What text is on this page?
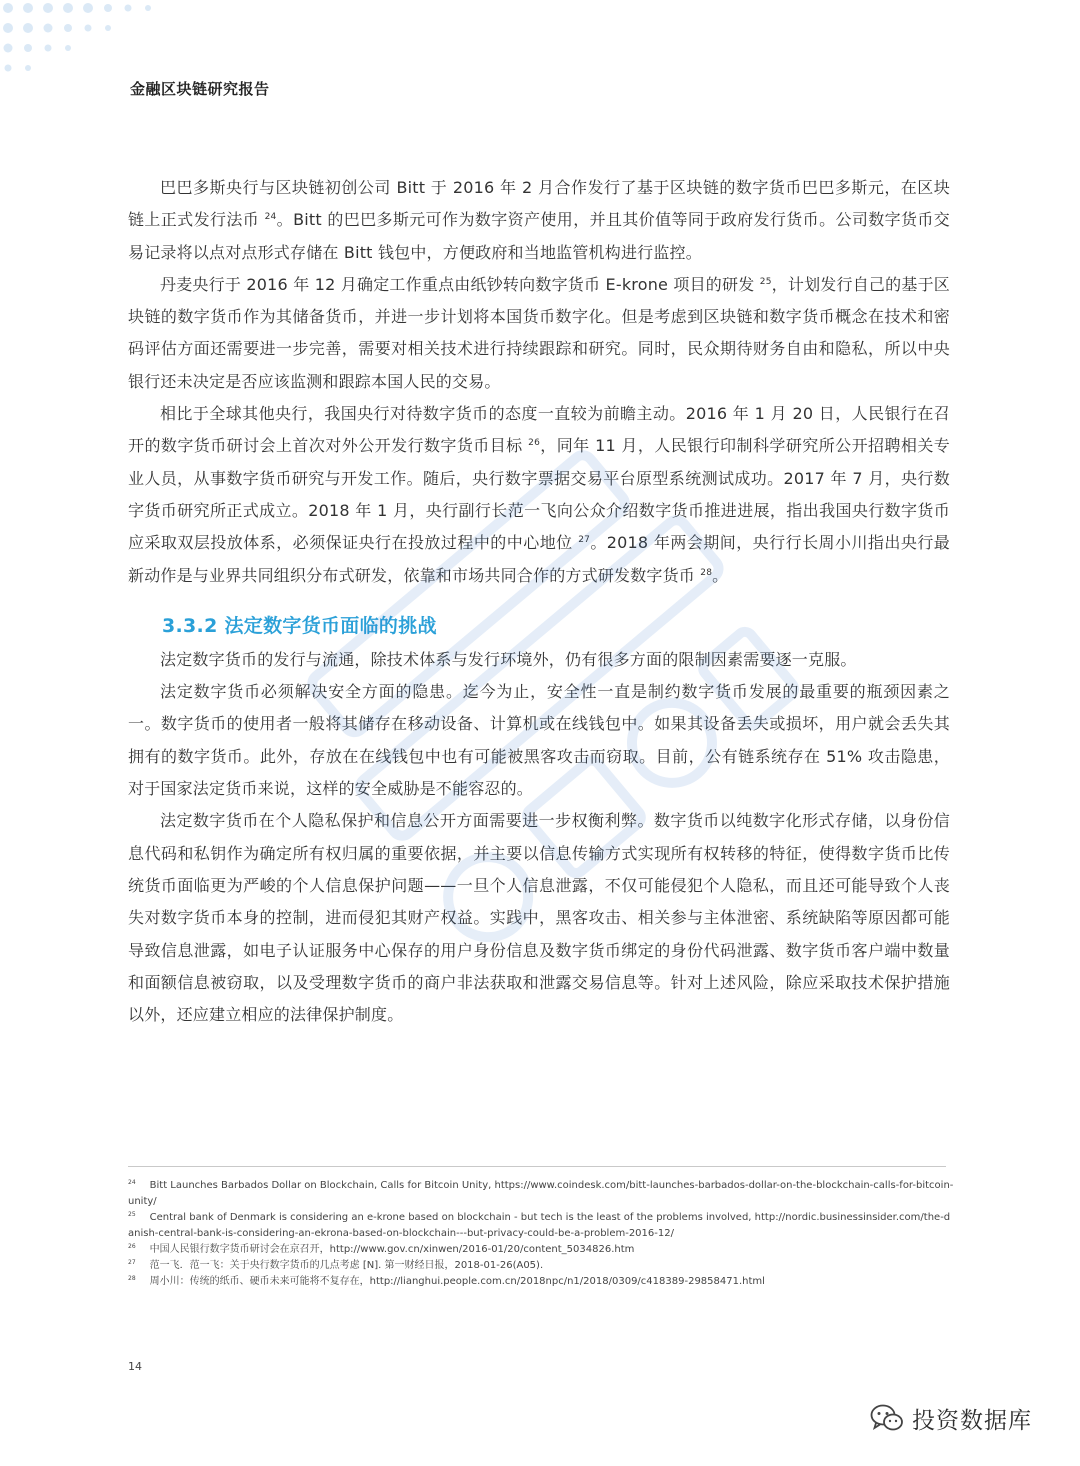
金融区块链研究报告

巴巴多斯央行与区块链初创公司 Bitt 于 2016 年 2 月合作发行了基于区块链的数字货币巴巴多斯元，在区块链上正式发行法币 $^{24}$。Bitt 的巴巴多斯元可作为数字资产使用，并且其价值等同于政府发行货币。公司数字货币交易记录将以点对点形式存储在 Bitt 钱包中，方便政府和当地监管机构进行监控。

丹麦央行于 2016 年 12 月确定工作重点由纸钞转向数字货币 E-krone 项目的研发 $^{25}$，计划发行自己的基于区块链的数字货币作为其储备货币，并进一步计划将本国货币数字化。但是考虑到区块链和数字货币概念在技术和密码评估方面还需要进一步完善，需要对相关技术进行持续跟踪和研究。同时，民众期待财务自由和隐私，所以中央银行还未决定是否应该监测和跟踪本国人民的交易。

相比于全球其他央行，我国央行对待数字货币的态度一直较为前瞻主动。2016 年 1 月 20 日，人民银行在召开的数字货币研讨会上首次对外公开发行数字货币目标 $^{26}$，同年 11 月，人民银行印制科学研究所公开招聘相关专业人员，从事数字货币研究与开发工作。随后，央行数字票据交易平台原型系统测试成功。2017 年 7 月，央行数字货币研究所正式成立。2018 年 1 月，央行副行长范一飞向公众介绍数字货币推进进展，指出我国央行数字货币应采取双层投放体系，必须保证央行在投放过程中的中心地位 $^{27}$。2018 年两会期间，央行行长周小川指出央行最新动作是与业界共同组织分布式研发，依靠和市场共同合作的方式研发数字货币 $^{28}$。

3.3.2 法定数字货币面临的挑战

法定数字货币的发行与流通，除技术体系与发行环境外，仍有很多方面的限制因素需要逐一克服。

法定数字货币必须解决安全方面的隐患。迄今为止，安全性一直是制约数字货币发展的最重要的瓶颈因素之一。数字货币的使用者一般将其储存在移动设备、计算机或在线钱包中。如果其设备丢失或损坏，用户就会丢失其拥有的数字货币。此外，存放在在线钱包中也有可能被黑客攻击而窃取。目前，公有链系统存在 51% 攻击隐患，对于国家法定货币来说，这样的安全威胁是不能容忍的。

法定数字货币在个人隐私保护和信息公开方面需要进一步权衡利弊。数字货币以纯数字化形式存储，以身份信息代码和私钥作为确定所有权归属的重要依据，并主要以信息传输方式实现所有权转移的特征，使得数字货币比传统货币面临更为严峻的个人信息保护问题——一旦个人信息泄露，不仅可能侵犯个人隐私，而且还可能导致个人丧失对数字货币本身的控制，进而侵犯其财产权益。实践中，黑客攻击、相关参与主体泄密、系统缺陷等原因都可能导致信息泄露，如电子认证服务中心保存的用户身份信息及数字货币绑定的身份代码泄露、数字货币客户端中数量和面额信息被窃取，以及受理数字货币的商户非法获取和泄露交易信息等。针对上述风险，除应采取技术保护措施以外，还应建立相应的法律保护制度。

$^{24}$ Bitt Launches Barbados Dollar on Blockchain, Calls for Bitcoin Unity, https://www.coindesk.com/bitt-launches-barbados-dollar-on-the-blockchain-calls-for-bitcoin-unity/

$^{25}$ Central bank of Denmark is considering an e-krone based on blockchain - but tech is the least of the problems involved, http://nordic.businessinsider.com/the-danish-central-bank-is-considering-an-ekrona-based-on-blockchain---but-privacy-could-be-a-problem-2016-12/

$^{26}$ 中国人民银行数字货币研讨会在京召开，http://www.gov.cn/xinwen/2016-01/20/content_5034826.htm

$^{27}$ 范一飞．范一飞：关于央行数字货币的几点考虑 [N]. 第一财经日报，2018-01-26(A05).

$^{28}$ 周小川：传统的纸币、硬币未来可能将不复存在，http://lianghui.people.com.cn/2018npc/n1/2018/0309/c418389-29858471.html

14
投资数据库
